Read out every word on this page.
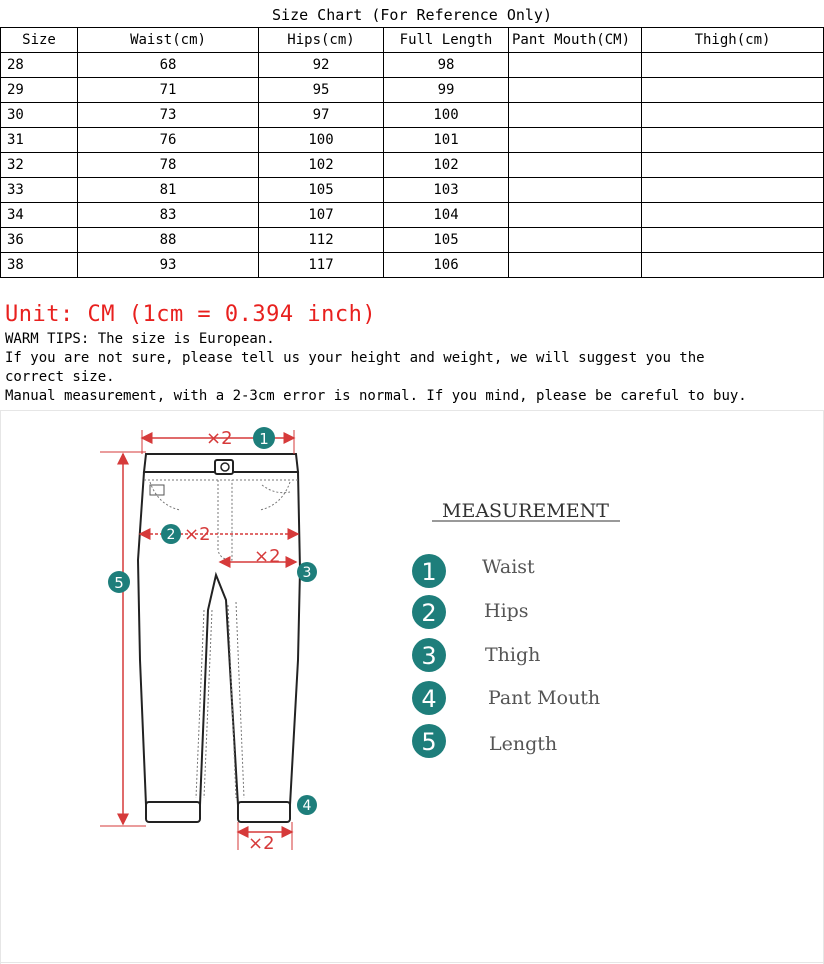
Size Chart (For Reference Only)
Size	Waist(cm)	Hips(cm)	Full Length	Pant Mouth(CM)	Thigh(cm)
28	68	92	98		
29	71	95	99		
30	73	97	100		
31	76	100	101		
32	78	102	102		
33	81	105	103		
34	83	107	104		
36	88	112	105		
38	93	117	106		
Unit: CM (1cm = 0.394 inch)
WARM TIPS: The size is European.
If you are not sure, please tell us your height and weight, we will suggest you the
correct size.
Manual measurement, with a 2-3cm error is normal. If you mind, please be careful to buy.
×2 1
2 ×2
×2
3
5
×2
4
MEASUREMENT
1 Waist
2 Hips
3	Thigh
4	Pant Mouth
5	Length
